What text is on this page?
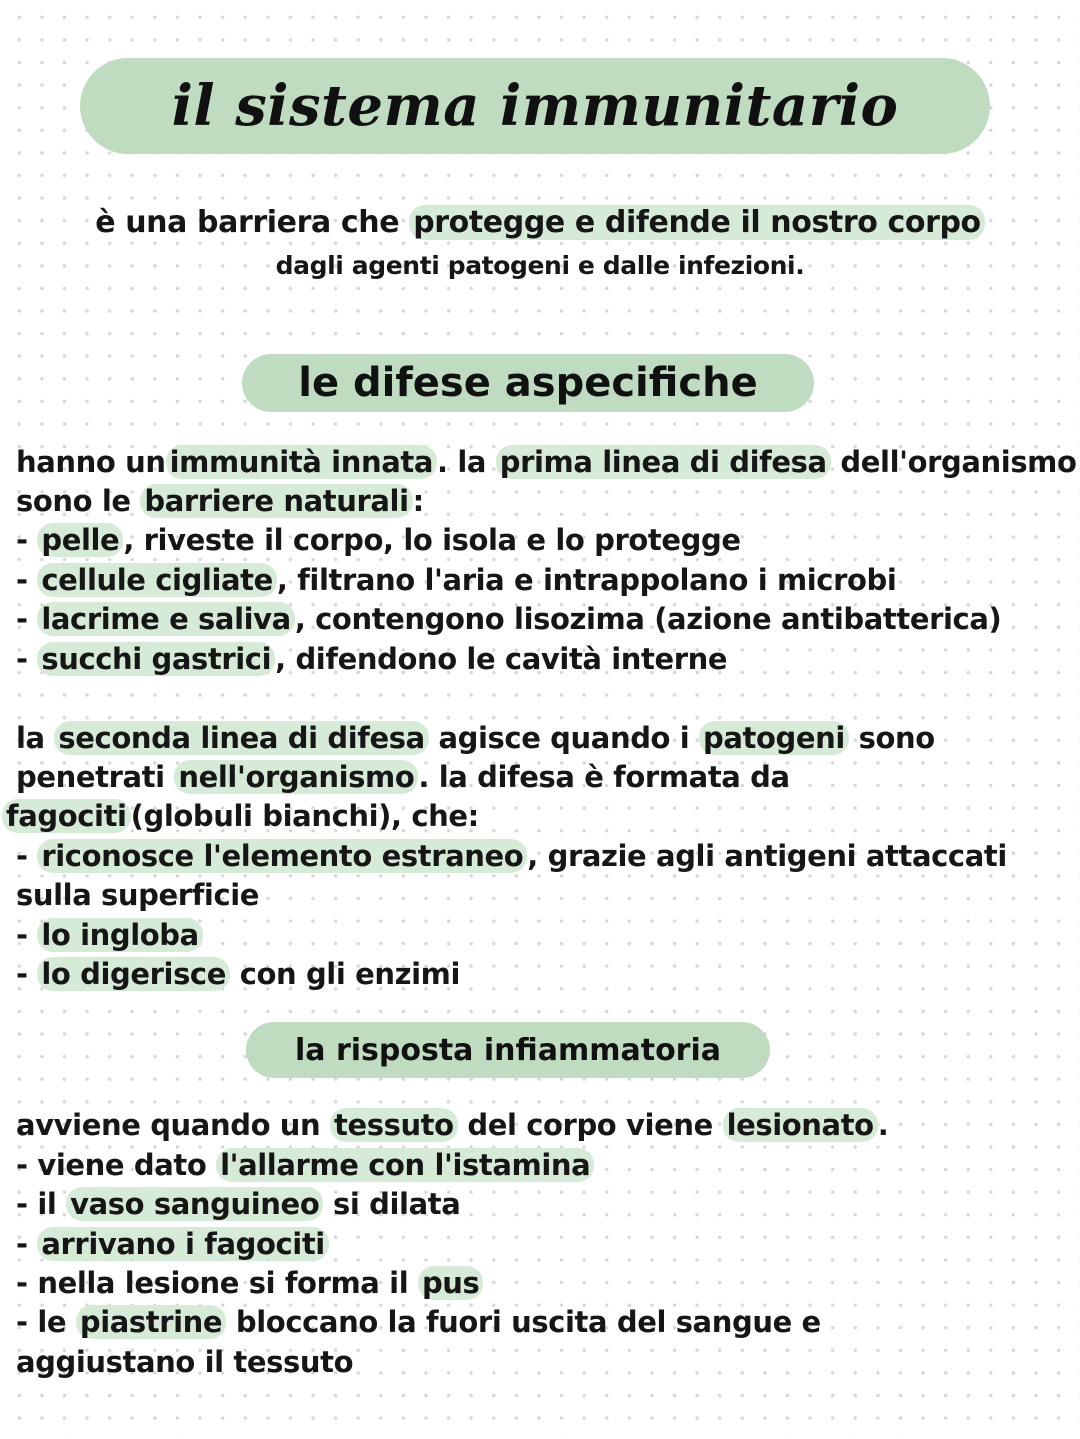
il sistema immunitario
è una barriera che protegge e difende il nostro corpo
dagli agenti patogeni e dalle infezioni.
le difese aspecifiche
hanno un immunità innata . la prima linea di difesa dell'organismo
sono le barriere naturali :
- pelle , riveste il corpo, lo isola e lo protegge
- cellule cigliate , filtrano l'aria e intrappolano i microbi
- lacrime e saliva , contengono lisozima (azione antibatterica)
- succhi gastrici , difendono le cavità interne
la seconda linea di difesa agisce quando i patogeni sono
penetrati nell'organismo . la difesa è formata da
fagociti (globuli bianchi), che:
- riconosce l'elemento estraneo , grazie agli antigeni attaccati
sulla superficie
- lo ingloba
- lo digerisce con gli enzimi
la risposta infiammatoria
avviene quando un tessuto del corpo viene lesionato .
- viene dato l'allarme con l'istamina
- il vaso sanguineo si dilata
- arrivano i fagociti
- nella lesione si forma il pus
- le piastrine bloccano la fuori uscita del sangue e
aggiustano il tessuto
